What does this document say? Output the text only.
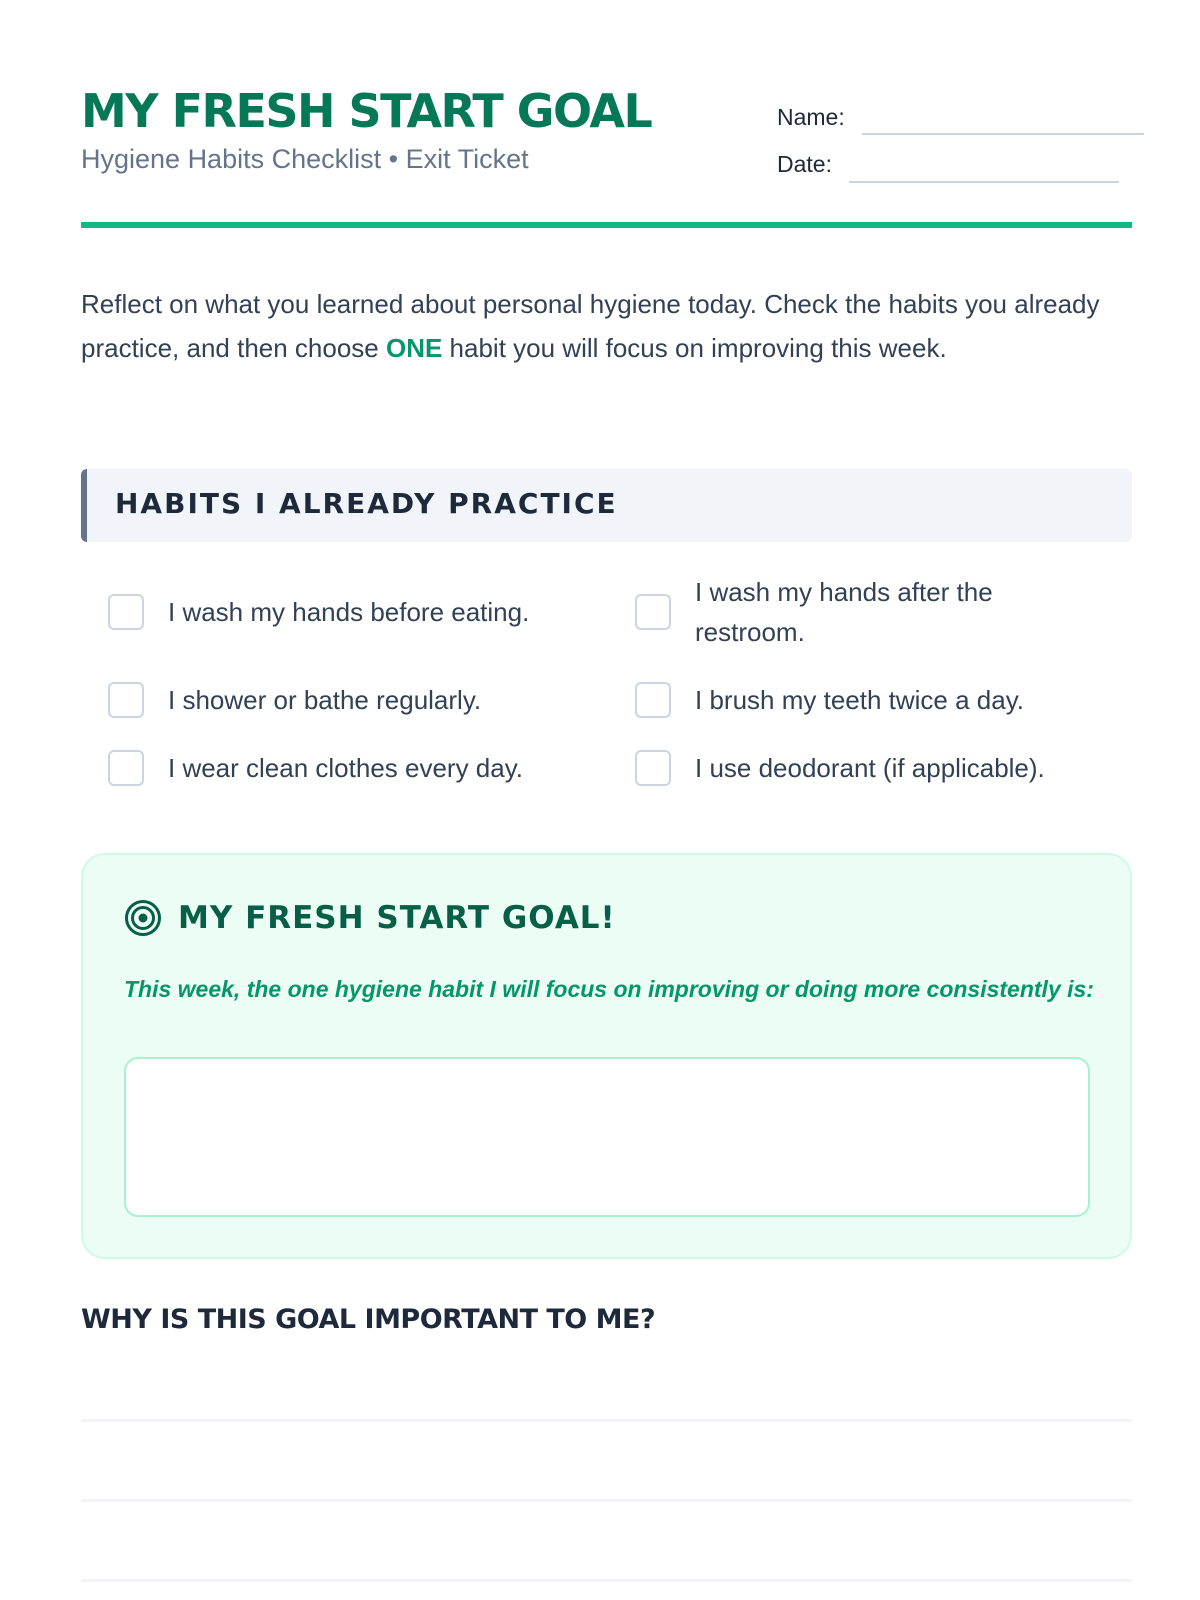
MY FRESH START GOAL
Hygiene Habits Checklist • Exit Ticket
Name:
Date:

Reflect on what you learned about personal hygiene today. Check the habits you already practice, and then choose ONE habit you will focus on improving this week.

HABITS I ALREADY PRACTICE
I wash my hands before eating.
I wash my hands after the restroom.
I shower or bathe regularly.	I brush my teeth twice a day.
I wear clean clothes every day.	I use deodorant (if applicable).
MY FRESH START GOAL!
This week, the one hygiene habit I will focus on improving or doing more consistently is:
WHY IS THIS GOAL IMPORTANT TO ME?
